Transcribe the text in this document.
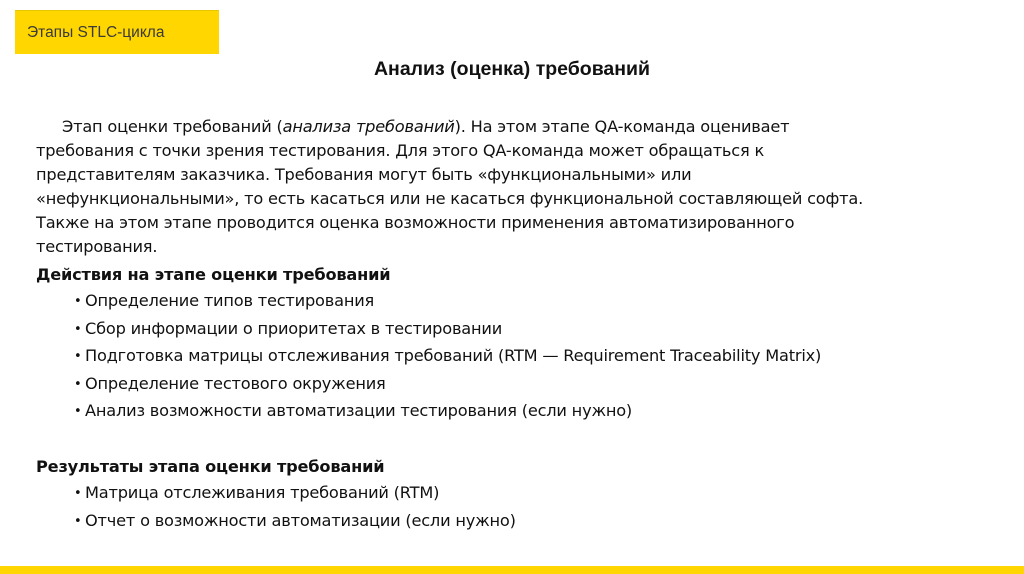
Этапы STLC-цикла
Анализ (оценка) требований
Этап оценки требований (анализа требований). На этом этапе QA-команда оценивает
требования с точки зрения тестирования. Для этого QA-команда может обращаться к
представителям заказчика. Требования могут быть «функциональными» или
«нефункциональными», то есть касаться или не касаться функциональной составляющей софта.
Также на этом этапе проводится оценка возможности применения автоматизированного
тестирования.
Действия на этапе оценки требований
• Определение типов тестирования
• Сбор информации о приоритетах в тестировании
• Подготовка матрицы отслеживания требований (RTM — Requirement Traceability Matrix)
• Определение тестового окружения
• Анализ возможности автоматизации тестирования (если нужно)
Результаты этапа оценки требований
• Матрица отслеживания требований (RTM)
• Отчет о возможности автоматизации (если нужно)
